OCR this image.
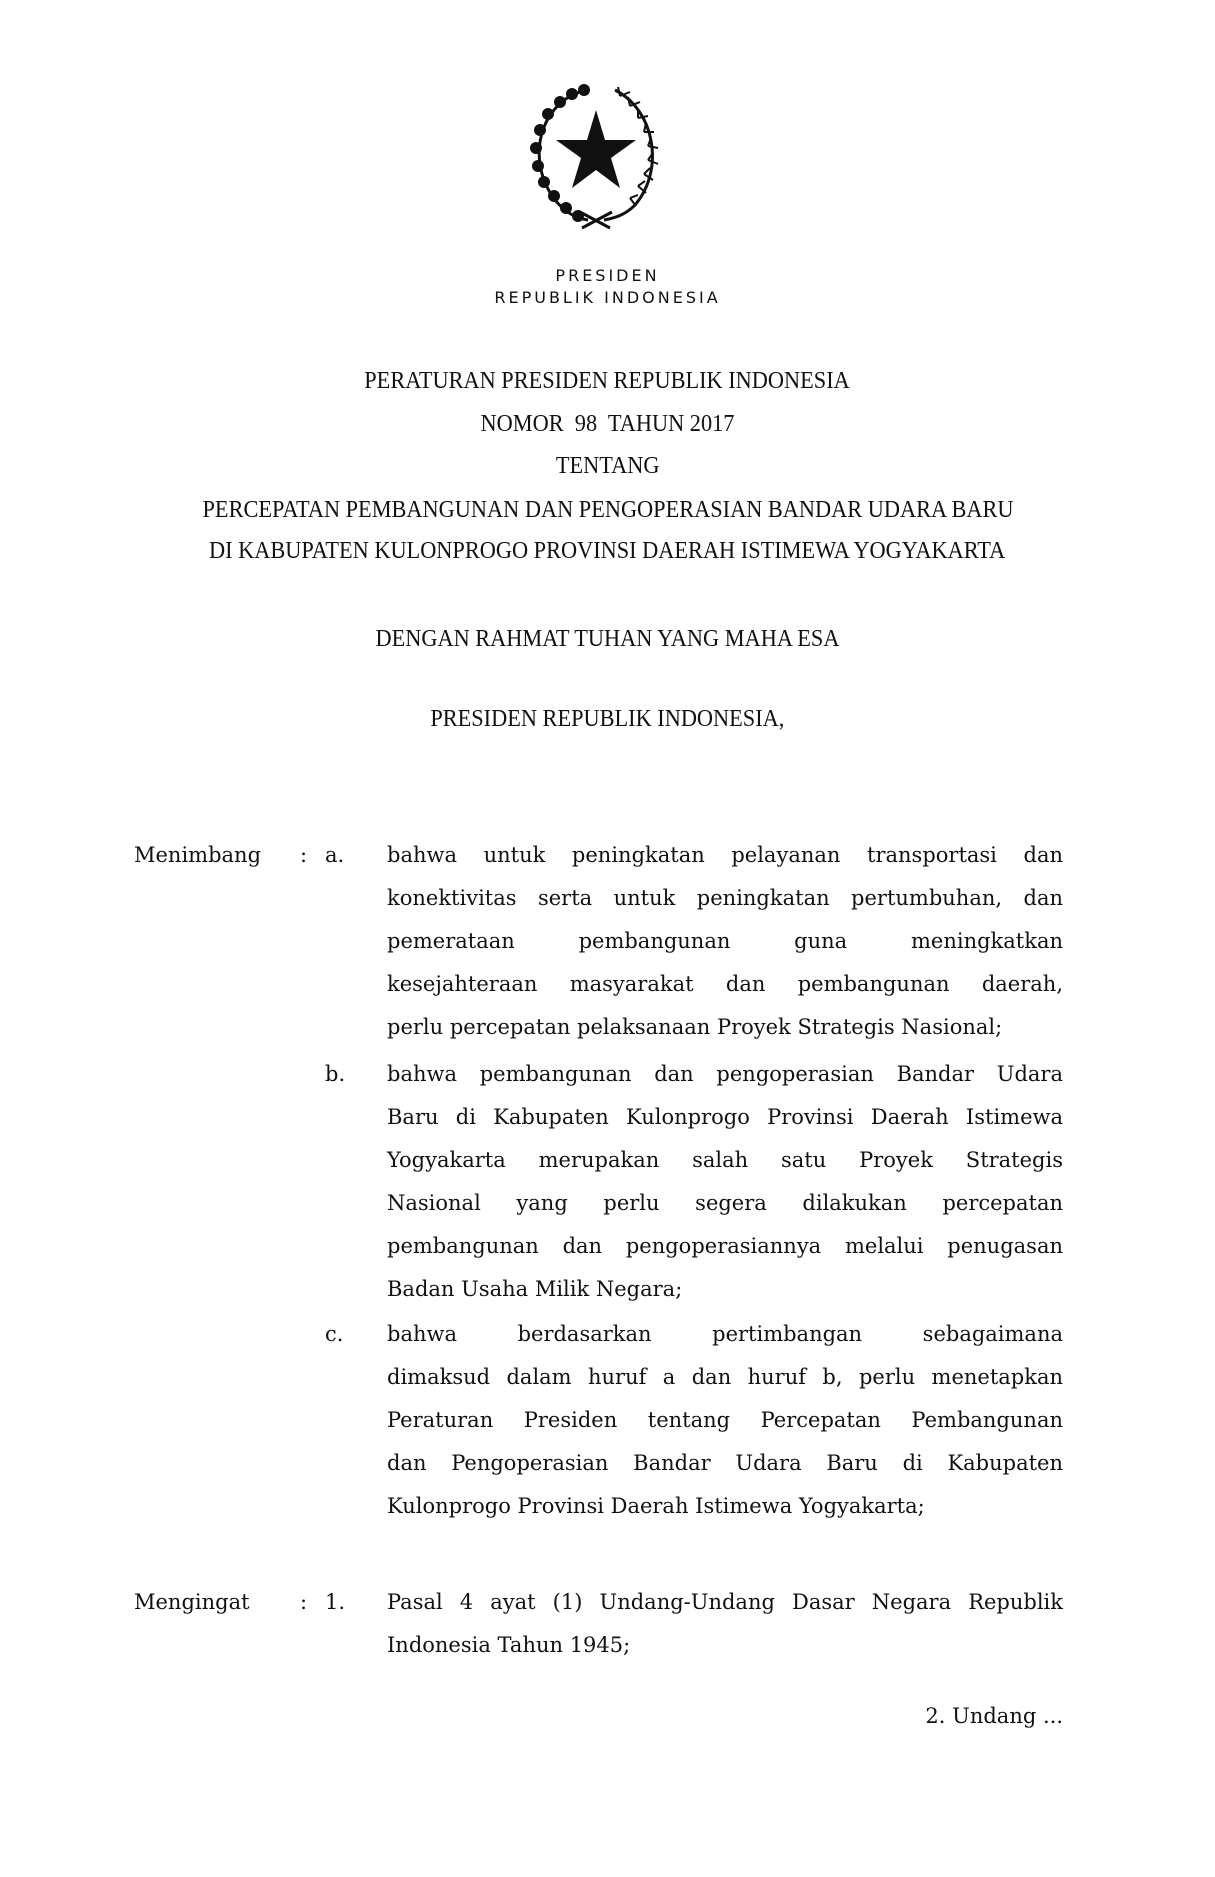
PRESIDEN
REPUBLIK INDONESIA
PERATURAN PRESIDEN REPUBLIK INDONESIA
NOMOR  98  TAHUN 2017
TENTANG
PERCEPATAN PEMBANGUNAN DAN PENGOPERASIAN BANDAR UDARA BARU
DI KABUPATEN KULONPROGO PROVINSI DAERAH ISTIMEWA YOGYAKARTA
DENGAN RAHMAT TUHAN YANG MAHA ESA
PRESIDEN REPUBLIK INDONESIA,
Menimbang : a. bahwa untuk peningkatan pelayanan transportasi dan
konektivitas serta untuk peningkatan pertumbuhan, dan
pemerataan pembangunan guna meningkatkan
kesejahteraan masyarakat dan pembangunan daerah,
perlu percepatan pelaksanaan Proyek Strategis Nasional;
b. bahwa pembangunan dan pengoperasian Bandar Udara
Baru di Kabupaten Kulonprogo Provinsi Daerah Istimewa
Yogyakarta merupakan salah satu Proyek Strategis
Nasional yang perlu segera dilakukan percepatan
pembangunan dan pengoperasiannya melalui penugasan
Badan Usaha Milik Negara;
c. bahwa berdasarkan pertimbangan sebagaimana
dimaksud dalam huruf a dan huruf b, perlu menetapkan
Peraturan Presiden tentang Percepatan Pembangunan
dan Pengoperasian Bandar Udara Baru di Kabupaten
Kulonprogo Provinsi Daerah Istimewa Yogyakarta;
Mengingat : 1. Pasal 4 ayat (1) Undang-Undang Dasar Negara Republik
Indonesia Tahun 1945;
2. Undang ...
